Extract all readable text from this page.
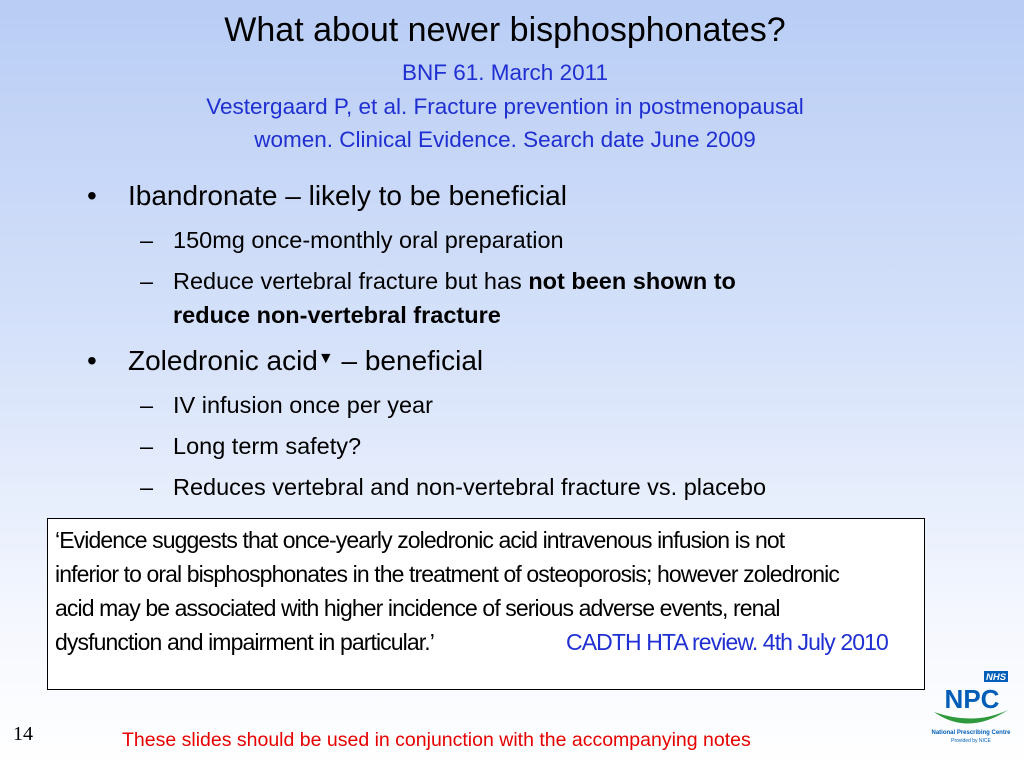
What about newer bisphosphonates?
BNF 61. March 2011
Vestergaard P, et al. Fracture prevention in postmenopausal
women. Clinical Evidence. Search date June 2009
• Ibandronate – likely to be beneficial
– 150mg once-monthly oral preparation
– Reduce vertebral fracture but has not been shown to
reduce non-vertebral fracture
• Zoledronic acid▼ – beneficial
– IV infusion once per year
– Long term safety?
– Reduces vertebral and non-vertebral fracture vs. placebo
‘Evidence suggests that once-yearly zoledronic acid intravenous infusion is not
inferior to oral bisphosphonates in the treatment of osteoporosis; however zoledronic
acid may be associated with higher incidence of serious adverse events, renal
dysfunction and impairment in particular.’	CADTH HTA review. 4th July 2010
14	These slides should be used in conjunction with the accompanying notes
NHS
NPC
National Prescribing Centre
Provided by NICE
